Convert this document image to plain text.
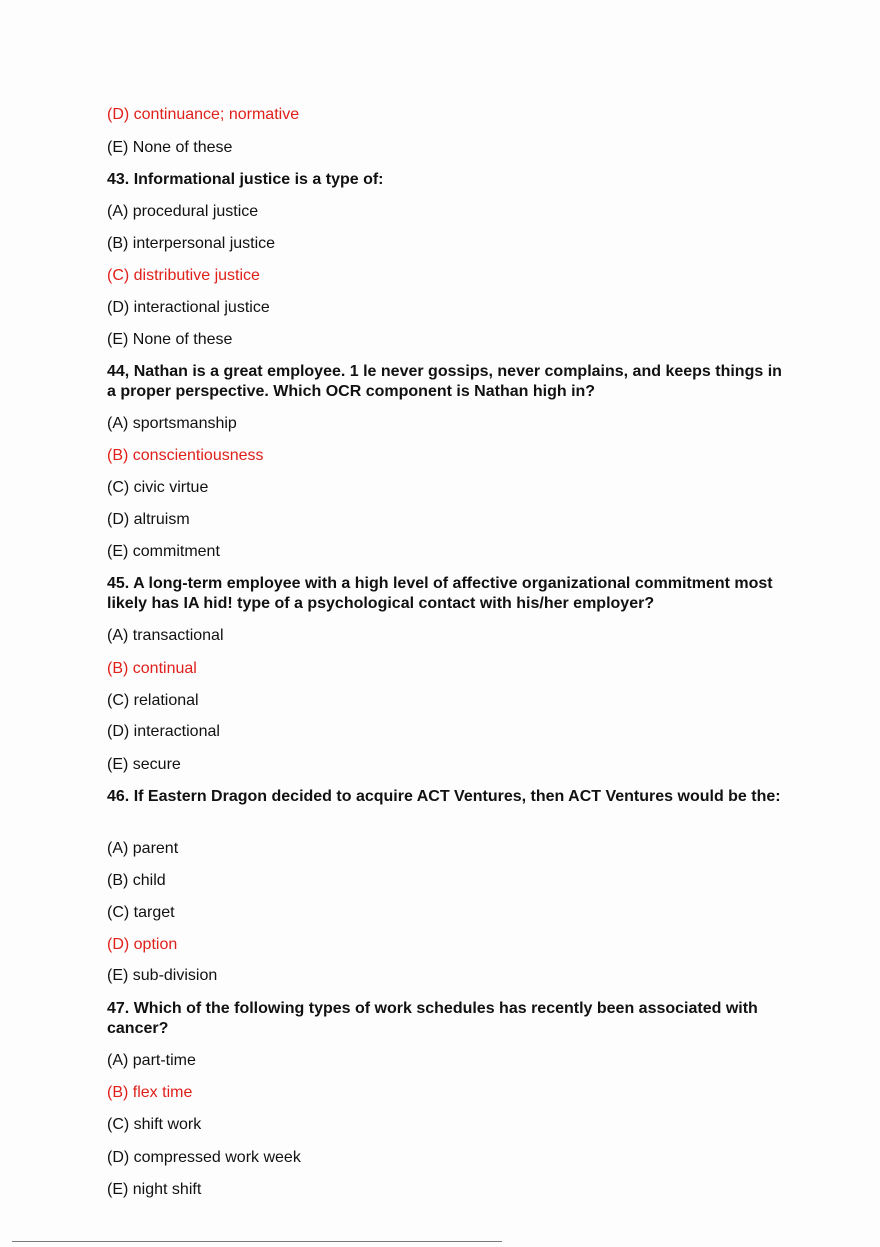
(D) continuance; normative
(E) None of these
43. Informational justice is a type of:
(A) procedural justice
(B) interpersonal justice
(C) distributive justice
(D) interactional justice
(E) None of these
44, Nathan is a great employee. 1 le never gossips, never complains, and keeps things in a proper perspective. Which OCR component is Nathan high in?
(A) sportsmanship
(B) conscientiousness
(C) civic virtue
(D) altruism
(E) commitment
45. A long-term employee with a high level of affective organizational commitment most likely has IA hid! type of a psychological contact with his/her employer?
(A) transactional
(B) continual
(C) relational
(D) interactional
(E) secure
46. If Eastern Dragon decided to acquire ACT Ventures, then ACT Ventures would be the:
(A) parent
(B) child
(C) target
(D) option
(E) sub-division
47. Which of the following types of work schedules has recently been associated with cancer?
(A) part-time
(B) flex time
(C) shift work
(D) compressed work week
(E) night shift
